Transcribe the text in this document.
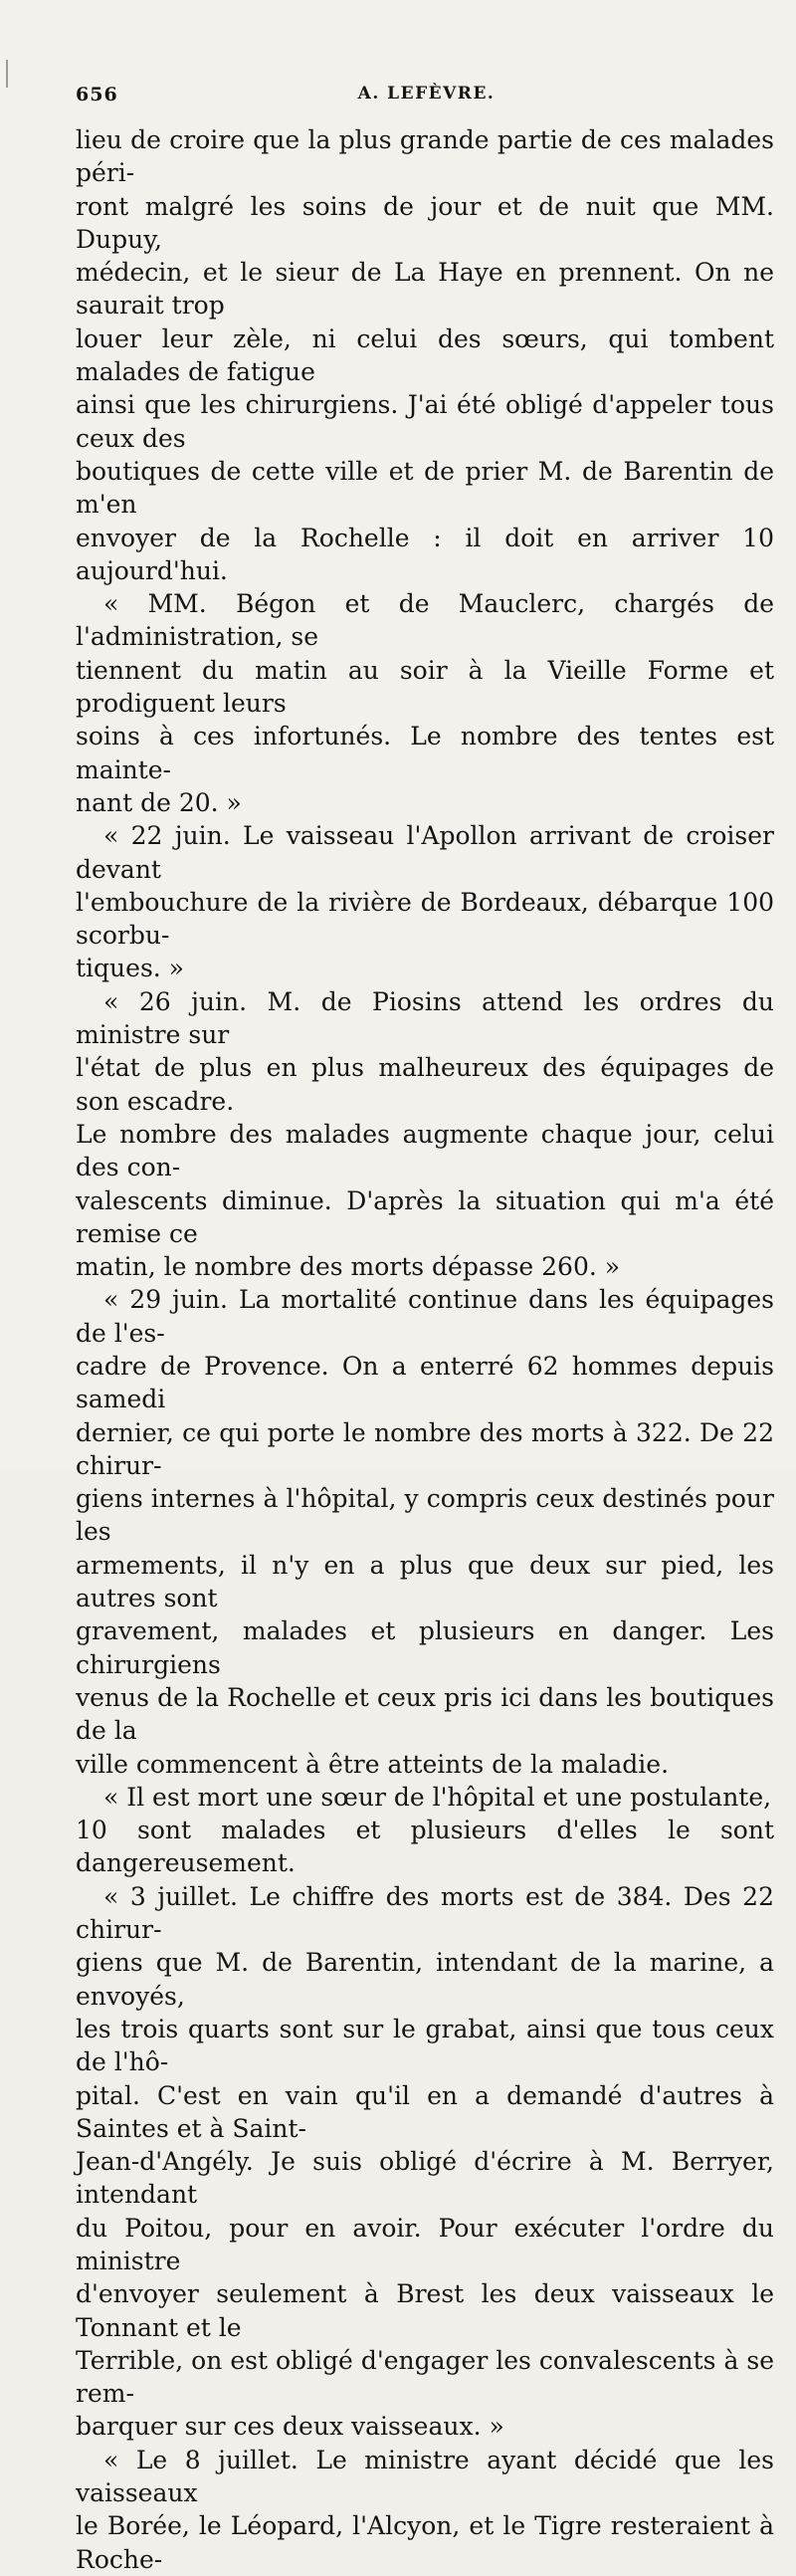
656	A. LEFÈVRE.

lieu de croire que la plus grande partie de ces malades péri-

ront malgré les soins de jour et de nuit que MM. Dupuy,

médecin, et le sieur de La Haye en prennent. On ne saurait trop

louer leur zèle, ni celui des sœurs, qui tombent malades de fatigue

ainsi que les chirurgiens. J'ai été obligé d'appeler tous ceux des

boutiques de cette ville et de prier M. de Barentin de m'en

envoyer de la Rochelle : il doit en arriver 10 aujourd'hui.

« MM. Bégon et de Mauclerc, chargés de l'administration, se

tiennent du matin au soir à la Vieille Forme et prodiguent leurs

soins à ces infortunés. Le nombre des tentes est mainte-

nant de 20. »

« 22 juin. Le vaisseau l'Apollon arrivant de croiser devant

l'embouchure de la rivière de Bordeaux, débarque 100 scorbu-

tiques. »

« 26 juin. M. de Piosins attend les ordres du ministre sur

l'état de plus en plus malheureux des équipages de son escadre.

Le nombre des malades augmente chaque jour, celui des con-

valescents diminue. D'après la situation qui m'a été remise ce

matin, le nombre des morts dépasse 260. »

« 29 juin. La mortalité continue dans les équipages de l'es-

cadre de Provence. On a enterré 62 hommes depuis samedi

dernier, ce qui porte le nombre des morts à 322. De 22 chirur-

giens internes à l'hôpital, y compris ceux destinés pour les

armements, il n'y en a plus que deux sur pied, les autres sont

gravement, malades et plusieurs en danger. Les chirurgiens

venus de la Rochelle et ceux pris ici dans les boutiques de la

ville commencent à être atteints de la maladie.

« Il est mort une sœur de l'hôpital et une postulante,

10 sont malades et plusieurs d'elles le sont dangereusement.

« 3 juillet. Le chiffre des morts est de 384. Des 22 chirur-

giens que M. de Barentin, intendant de la marine, a envoyés,

les trois quarts sont sur le grabat, ainsi que tous ceux de l'hô-

pital. C'est en vain qu'il en a demandé d'autres à Saintes et à Saint-

Jean-d'Angély. Je suis obligé d'écrire à M. Berryer, intendant

du Poitou, pour en avoir. Pour exécuter l'ordre du ministre

d'envoyer seulement à Brest les deux vaisseaux le Tonnant et le

Terrible, on est obligé d'engager les convalescents à se rem-

barquer sur ces deux vaisseaux. »

« Le 8 juillet. Le ministre ayant décidé que les vaisseaux

le Borée, le Léopard, l'Alcyon, et le Tigre resteraient à Roche-
